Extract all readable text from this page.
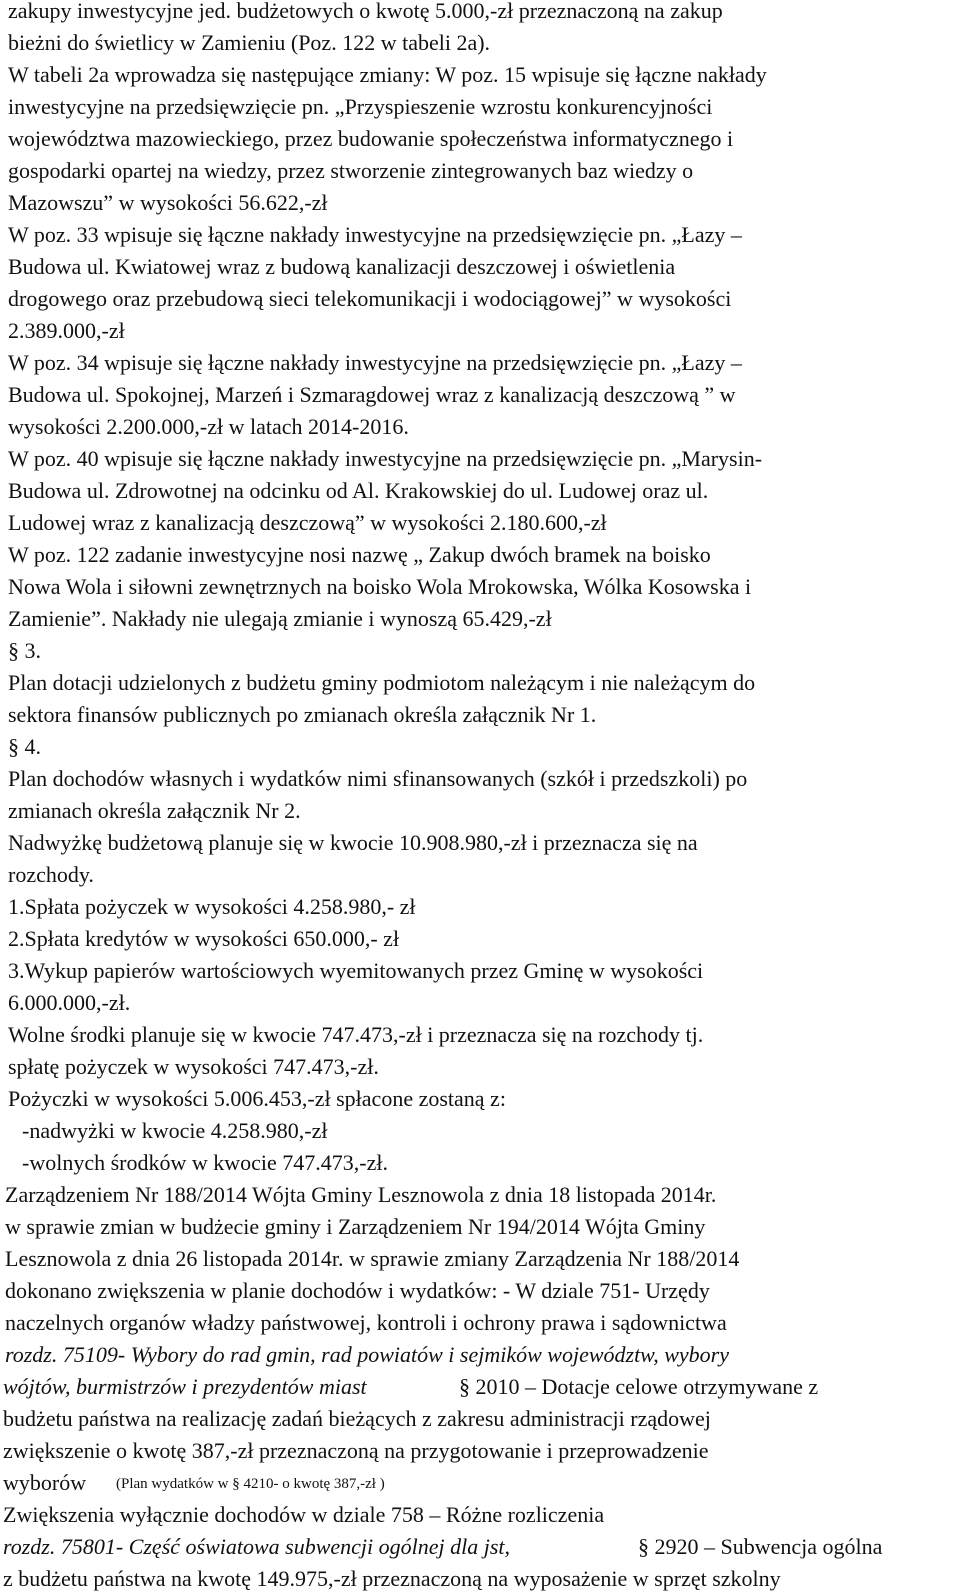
zakupy inwestycyjne jed. budżetowych o kwotę 5.000,-zł przeznaczoną na zakup
bieżni do świetlicy w Zamieniu (Poz. 122 w tabeli 2a).
W tabeli 2a wprowadza się następujące zmiany: W poz. 15 wpisuje się łączne nakłady
inwestycyjne na przedsięwzięcie pn. „Przyspieszenie wzrostu konkurencyjności
województwa mazowieckiego, przez budowanie społeczeństwa informatycznego i
gospodarki opartej na wiedzy, przez stworzenie zintegrowanych baz wiedzy o
Mazowszu” w wysokości 56.622,-zł
W poz. 33 wpisuje się łączne nakłady inwestycyjne na przedsięwzięcie pn. „Łazy –
Budowa ul. Kwiatowej wraz z budową kanalizacji deszczowej i oświetlenia
drogowego oraz przebudową sieci telekomunikacji i wodociągowej” w wysokości
2.389.000,-zł
W poz. 34 wpisuje się łączne nakłady inwestycyjne na przedsięwzięcie pn. „Łazy –
Budowa ul. Spokojnej, Marzeń i Szmaragdowej wraz z kanalizacją deszczową ” w
wysokości 2.200.000,-zł w latach 2014-2016.
W poz. 40 wpisuje się łączne nakłady inwestycyjne na przedsięwzięcie pn. „Marysin-
Budowa ul. Zdrowotnej na odcinku od Al. Krakowskiej do ul. Ludowej oraz ul.
Ludowej wraz z kanalizacją deszczową” w wysokości 2.180.600,-zł
W poz. 122 zadanie inwestycyjne nosi nazwę „ Zakup dwóch bramek na boisko
Nowa Wola i siłowni zewnętrznych na boisko Wola Mrokowska, Wólka Kosowska i
Zamienie”. Nakłady nie ulegają zmianie i wynoszą 65.429,-zł
§ 3.
Plan dotacji udzielonych z budżetu gminy podmiotom należącym i nie należącym do
sektora finansów publicznych po zmianach określa załącznik Nr 1.
§ 4.
Plan dochodów własnych i wydatków nimi sfinansowanych (szkół i przedszkoli) po
zmianach określa załącznik Nr 2.
Nadwyżkę budżetową planuje się w kwocie 10.908.980,-zł i przeznacza się na
rozchody.
1.Spłata pożyczek w wysokości 4.258.980,- zł
2.Spłata kredytów w wysokości 650.000,- zł
3.Wykup papierów wartościowych wyemitowanych przez Gminę w wysokości
6.000.000,-zł.
Wolne środki planuje się w kwocie 747.473,-zł i przeznacza się na rozchody tj.
spłatę pożyczek w wysokości 747.473,-zł.
Pożyczki w wysokości 5.006.453,-zł spłacone zostaną z:
-nadwyżki w kwocie 4.258.980,-zł
-wolnych środków w kwocie 747.473,-zł.
Zarządzeniem Nr 188/2014 Wójta Gminy Lesznowola z dnia 18 listopada 2014r.
w sprawie zmian w budżecie gminy i Zarządzeniem Nr 194/2014 Wójta Gminy
Lesznowola z dnia 26 listopada 2014r. w sprawie zmiany Zarządzenia Nr 188/2014
dokonano zwiększenia w planie dochodów i wydatków: - W dziale 751- Urzędy
naczelnych organów władzy państwowej, kontroli i ochrony prawa i sądownictwa
rozdz. 75109- Wybory do rad gmin, rad powiatów i sejmików województw, wybory
wójtów, burmistrzów i prezydentów miast	§ 2010 – Dotacje celowe otrzymywane z
budżetu państwa na realizację zadań bieżących z zakresu administracji rządowej
zwiększenie o kwotę 387,-zł przeznaczoną na przygotowanie i przeprowadzenie
wyborów (Plan wydatków w § 4210- o kwotę 387,-zł )
Zwiększenia wyłącznie dochodów w dziale 758 – Różne rozliczenia
rozdz. 75801- Część oświatowa subwencji ogólnej dla jst,	§ 2920 – Subwencja ogólna
z budżetu państwa na kwotę 149.975,-zł przeznaczoną na wyposażenie w sprzęt szkolny
